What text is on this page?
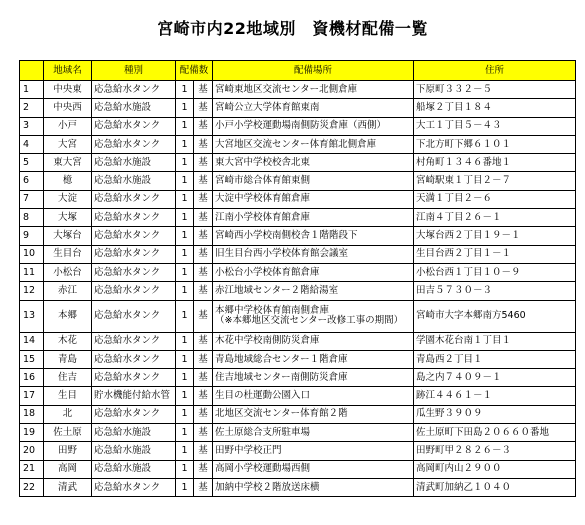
宮崎市内22地域別　資機材配備一覧
	地域名	種別	配備数		配備場所	住所
1	中央東	応急給水タンク	1	基	宮崎東地区交流センター北側倉庫	下原町３３２－５
2	中央西	応急給水施設	1	基	宮崎公立大学体育館東南	船塚２丁目１８４
3	小戸	応急給水タンク	1	基	小戸小学校運動場南側防災倉庫（西側）	大工１丁目５－４３
4	大宮	応急給水タンク	1	基	大宮地区交流センター体育館北側倉庫	下北方町下郷６１０１
5	東大宮	応急給水施設	1	基	東大宮中学校校舎北東	村角町１３４６番地１
6	檍	応急給水施設	1	基	宮崎市総合体育館東側	宮崎駅東１丁目２－７
7	大淀	応急給水タンク	1	基	大淀中学校体育館倉庫	天満１丁目２－６
8	大塚	応急給水タンク	1	基	江南小学校体育館倉庫	江南４丁目２６－１
9	大塚台	応急給水タンク	1	基	宮崎西小学校南側校舎１階階段下	大塚台西２丁目１９－１
10	生目台	応急給水タンク	1	基	旧生目台西小学校体育館会議室	生目台西２丁目１－１
11	小松台	応急給水タンク	1	基	小松台小学校体育館倉庫	小松台西１丁目１０－９
12	赤江	応急給水タンク	1	基	赤江地域センター２階給湯室	田吉５７３０－３
13	本郷	応急給水タンク	1	基	本郷中学校体育館南側倉庫
（※本郷地区交流センター改修工事の期間）	宮崎市大字本郷南方5460
14	木花	応急給水タンク	1	基	木花中学校南側防災倉庫	学園木花台南１丁目１
15	青島	応急給水タンク	1	基	青島地域総合センター１階倉庫	青島西２丁目１
16	住吉	応急給水タンク	1	基	住吉地域センター南側防災倉庫	島之内７４０９－１
17	生目	貯水機能付給水管	1	基	生目の杜運動公園入口	跡江４４６１－１
18	北	応急給水タンク	1	基	北地区交流センター体育館２階	瓜生野３９０９
19	佐土原	応急給水施設	1	基	佐土原総合支所駐車場	佐土原町下田島２０６６０番地
20	田野	応急給水施設	1	基	田野中学校正門	田野町甲２８２６－３
21	高岡	応急給水施設	1	基	高岡小学校運動場西側	高岡町内山２９００
22	清武	応急給水タンク	1	基	加納中学校２階放送床横	清武町加納乙１０４０
